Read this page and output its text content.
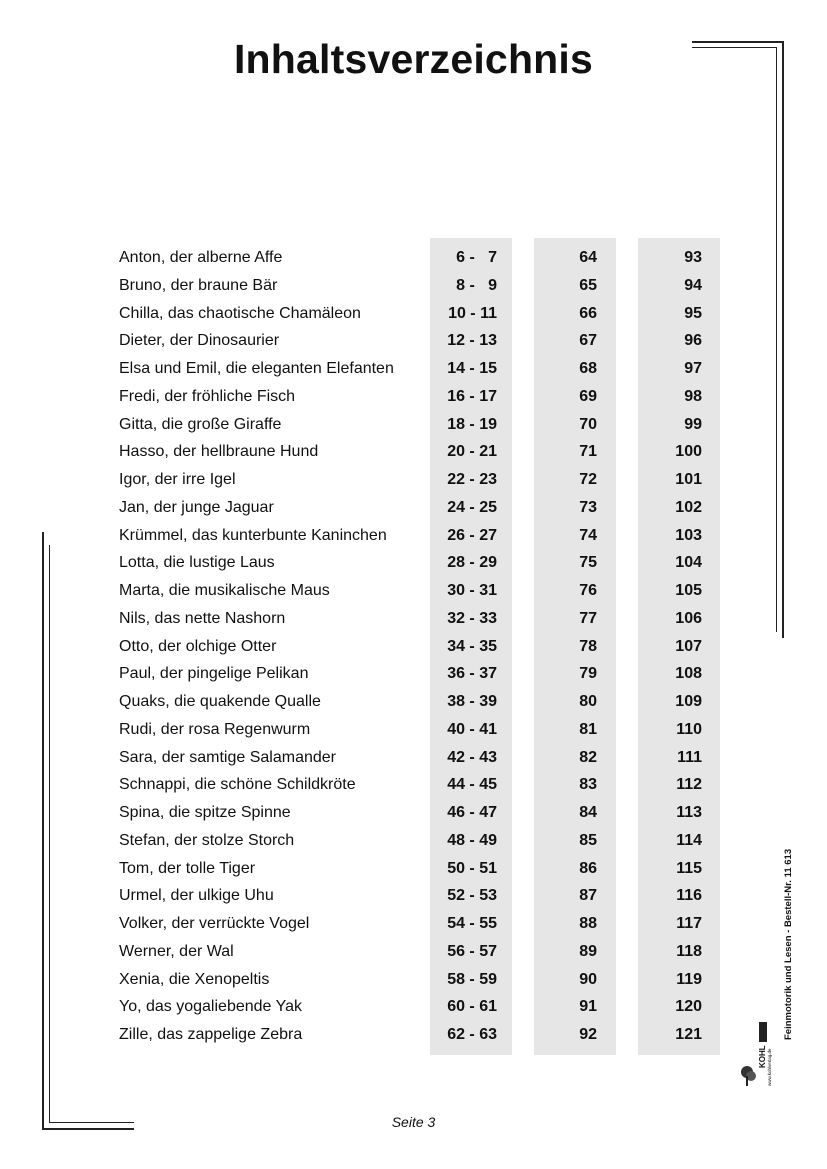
Inhaltsverzeichnis
Anton, der alberne Affe	6 -   7	64	93
Bruno, der braune Bär	8 -   9	65	94
Chilla, das chaotische Chamäleon	10 - 11	66	95
Dieter, der Dinosaurier	12 - 13	67	96
Elsa und Emil, die eleganten Elefanten	14 - 15	68	97
Fredi, der fröhliche Fisch	16 - 17	69	98
Gitta, die große Giraffe	18 - 19	70	99
Hasso, der hellbraune Hund	20 - 21	71	100
Igor, der irre Igel	22 - 23	72	101
Jan, der junge Jaguar	24 - 25	73	102
Krümmel, das kunterbunte Kaninchen	26 - 27	74	103
Lotta, die lustige Laus	28 - 29	75	104
Marta, die musikalische Maus	30 - 31	76	105
Nils, das nette Nashorn	32 - 33	77	106
Otto, der olchige Otter	34 - 35	78	107
Paul, der pingelige Pelikan	36 - 37	79	108
Quaks, die quakende Qualle	38 - 39	80	109
Rudi, der rosa Regenwurm	40 - 41	81	110
Sara, der samtige Salamander	42 - 43	82	111
Schnappi, die schöne Schildkröte	44 - 45	83	112
Spina, die spitze Spinne	46 - 47	84	113
Stefan, der stolze Storch	48 - 49	85	114
Tom, der tolle Tiger	50 - 51	86	115
Urmel, der ulkige Uhu	52 - 53	87	116
Volker, der verrückte Vogel	54 - 55	88	117
Werner, der Wal	56 - 57	89	118
Xenia, die Xenopeltis	58 - 59	90	119
Yo, das yogaliebende Yak	60 - 61	91	120
Zille, das zappelige Zebra	62 - 63	92	121
Seite 3
Feinmotorik und Lesen - Bestell-Nr. 11 613
KOHL www.kohlverlag.de
